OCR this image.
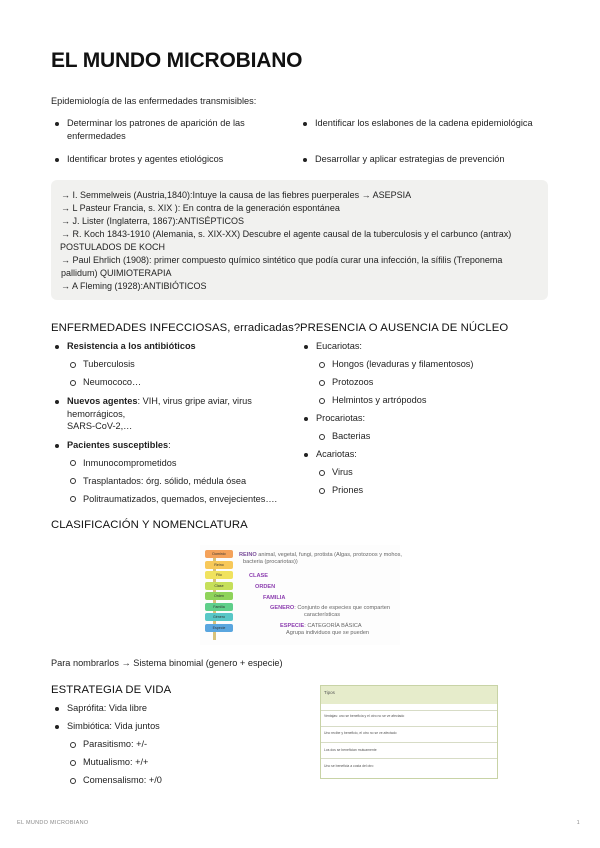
EL MUNDO MICROBIANO
Epidemiología de las enfermedades transmisibles:
Determinar los patrones de aparición de las enfermedades
Identificar brotes y agentes etiológicos
Identificar los eslabones de la cadena epidemiológica
Desarrollar y aplicar estrategias de prevención
→ I. Semmelweis (Austria,1840):Intuye la causa de las fiebres puerperales → ASEPSIA
→ L Pasteur Francia, s. XIX ): En contra de la generación espontánea
→ J. Lister (Inglaterra, 1867):ANTISÉPTICOS
→ R. Koch 1843-1910 (Alemania, s. XIX-XX) Descubre el agente causal de la tuberculosis y el carbunco (antrax)
POSTULADOS DE KOCH
→ Paul Ehrlich (1908): primer compuesto químico sintético que podía curar una infección, la sífilis (Treponema
pallidum) QUIMIOTERAPIA
→ A Fleming (1928):ANTIBIÓTICOS
ENFERMEDADES INFECCIOSAS, erradicadas?
Resistencia a los antibióticos
Tuberculosis
Neumococo…
Nuevos agentes: VIH, virus gripe aviar, virus
hemorrágicos,
SARS-CoV-2,…
Pacientes susceptibles:
Inmunocomprometidos
Trasplantados: órg. sólido, médula ósea
Politraumatizados, quemados, envejecientes….
PRESENCIA O AUSENCIA DE NÚCLEO
Eucariotas:
Hongos (levaduras y filamentosos)
Protozoos
Helmintos y artrópodos
Procariotas:
Bacterias
Acariotas:
Virus
Priones
CLASIFICACIÓN Y NOMENCLATURA
Dominio
Reino
Filo
Clase
Orden
Familia
Género
Especie
REINO animal, vegetal, fungi, protista (Algas, protozoos y mohos,
bacteria (procariotas))
CLASE
ORDEN
FAMILIA
GENERO: Conjunto de especies que comparten
características
ESPECIE: CATEGORÍA BÁSICA
Agrupa individuos que se pueden
Para nombrarlos → Sistema binomial (genero + especie)
ESTRATEGIA DE VIDA
Saprófita: Vida libre
Simbiótica: Vida juntos
Parasitismo: +/-
Mutualismo: +/+
Comensalismo: +/0
Tipos
Ventajas: uno se beneficia y el otro no se ve afectado
Uno recibe y beneficio, el otro no se ve afectado
Los dos se benefician mutuamente
Uno se beneficia a costa del otro
EL MUNDO MICROBIANO	1
